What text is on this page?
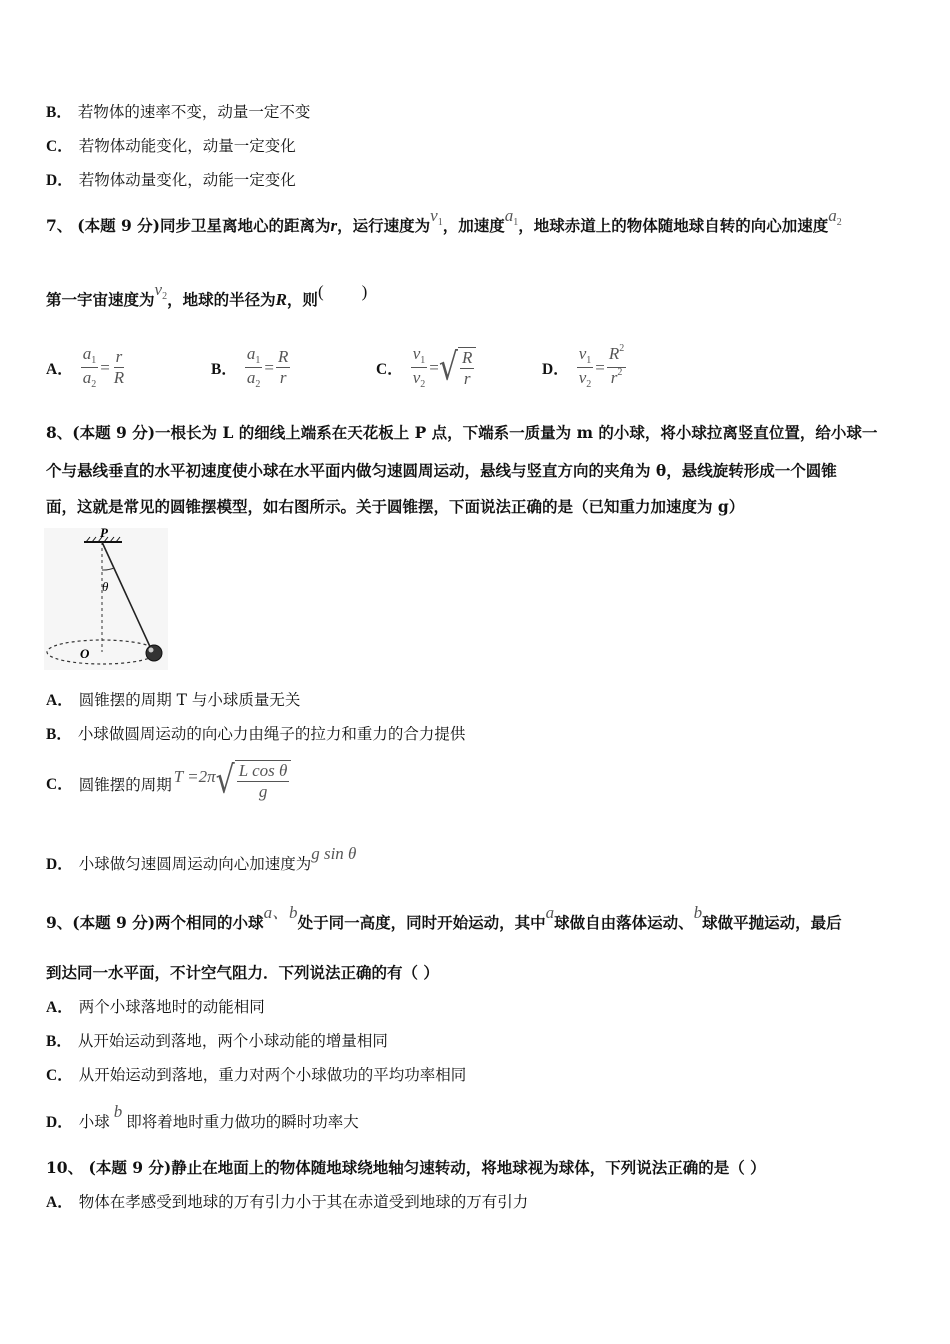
B． 若物体的速率不变，动量一定不变
C． 若物体动能变化，动量一定变化
D． 若物体动量变化，动能一定变化
7、 (本题 9 分)同步卫星离地心的距离为r，运行速度为$v_1$，加速度$a_1$，地球赤道上的物体随地球自转的向心加速度$a_2$
第一宇宙速度为$v_2$，地球的半径为R，则( )
A． $\frac{a_1}{a_2} = \frac{r}{R}$	B． $\frac{a_1}{a_2} = \frac{R}{r}$	C． $\frac{v_1}{v_2}$ = √ $\frac{R}{r}$	D． $\frac{v_1}{v_2} = \frac{R^2}{r^2}$
8、(本题 9 分)一根长为 L 的细线上端系在天花板上 P 点，下端系一质量为 m 的小球，将小球拉离竖直位置，给小球一
个与悬线垂直的水平初速度使小球在水平面内做匀速圆周运动，悬线与竖直方向的夹角为 θ，悬线旋转形成一个圆锥
面，这就是常见的圆锥摆模型，如右图所示。关于圆锥摆，下面说法正确的是（已知重力加速度为 g）
P
θ
O
A． 圆锥摆的周期 T 与小球质量无关
B． 小球做圆周运动的向心力由绳子的拉力和重力的合力提供
C． 圆锥摆的周期 T =2π √ $\frac{\text{L cos θ}}{g}$
D． 小球做匀速圆周运动向心加速度为g sin θ
9、(本题 9 分)两个相同的小球a、b处于同一高度，同时开始运动，其中a球做自由落体运动、b球做平抛运动，最后
到达同一水平面，不计空气阻力．下列说法正确的有（ ）
A． 两个小球落地时的动能相同
B． 从开始运动到落地，两个小球动能的增量相同
C． 从开始运动到落地，重力对两个小球做功的平均功率相同
D． 小球b即将着地时重力做功的瞬时功率大
10、 (本题 9 分)静止在地面上的物体随地球绕地轴匀速转动，将地球视为球体，下列说法正确的是（ ）
A． 物体在孝感受到地球的万有引力小于其在赤道受到地球的万有引力
